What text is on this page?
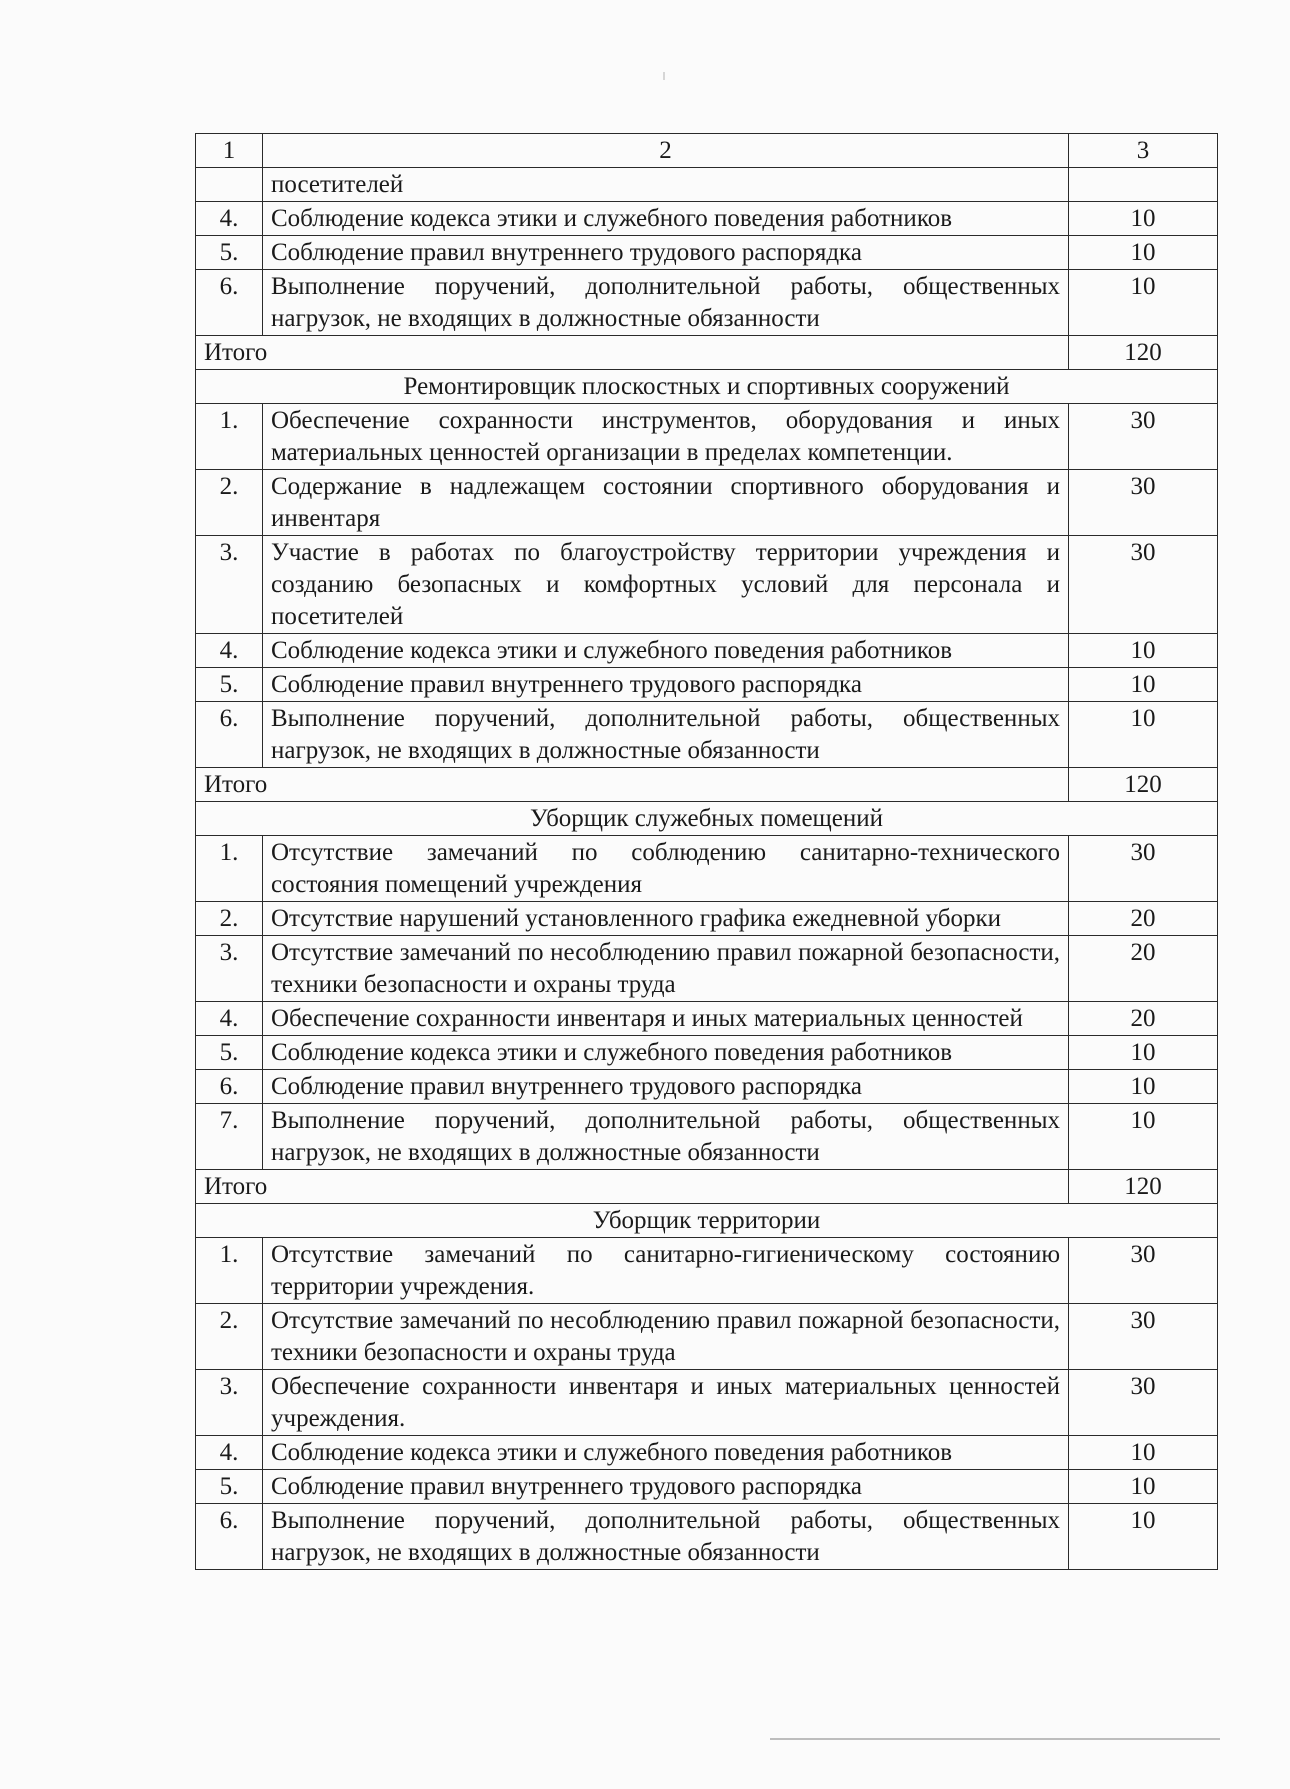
1	2	3
	посетителей	
4.	Соблюдение кодекса этики и служебного поведения работников	10
5.	Соблюдение правил внутреннего трудового распорядка	10
6.	Выполнение поручений, дополнительной работы, общественных нагрузок, не входящих в должностные обязанности	10
Итого		120
Ремонтировщик плоскостных и спортивных сооружений		
1.	Обеспечение сохранности инструментов, оборудования и иных материальных ценностей организации в пределах компетенции.	30
2.	Содержание в надлежащем состоянии спортивного оборудования и инвентаря	30
3.	Участие в работах по благоустройству территории учреждения и созданию безопасных и комфортных условий для персонала и посетителей	30
4.	Соблюдение кодекса этики и служебного поведения работников	10
5.	Соблюдение правил внутреннего трудового распорядка	10
6.	Выполнение поручений, дополнительной работы, общественных нагрузок, не входящих в должностные обязанности	10
Итого		120
Уборщик служебных помещений		
1.	Отсутствие замечаний по соблюдению санитарно-технического состояния помещений учреждения	30
2.	Отсутствие нарушений установленного графика ежедневной уборки	20
3.	Отсутствие замечаний по несоблюдению правил пожарной безопасности, техники безопасности и охраны труда	20
4.	Обеспечение сохранности инвентаря и иных материальных ценностей	20
5.	Соблюдение кодекса этики и служебного поведения работников	10
6.	Соблюдение правил внутреннего трудового распорядка	10
7.	Выполнение поручений, дополнительной работы, общественных нагрузок, не входящих в должностные обязанности	10
Итого		120
Уборщик территории		
1.	Отсутствие замечаний по санитарно-гигиеническому состоянию территории учреждения.	30
2.	Отсутствие замечаний по несоблюдению правил пожарной безопасности, техники безопасности и охраны труда	30
3.	Обеспечение сохранности инвентаря и иных материальных ценностей учреждения.	30
4.	Соблюдение кодекса этики и служебного поведения работников	10
5.	Соблюдение правил внутреннего трудового распорядка	10
6.	Выполнение поручений, дополнительной работы, общественных нагрузок, не входящих в должностные обязанности	10
